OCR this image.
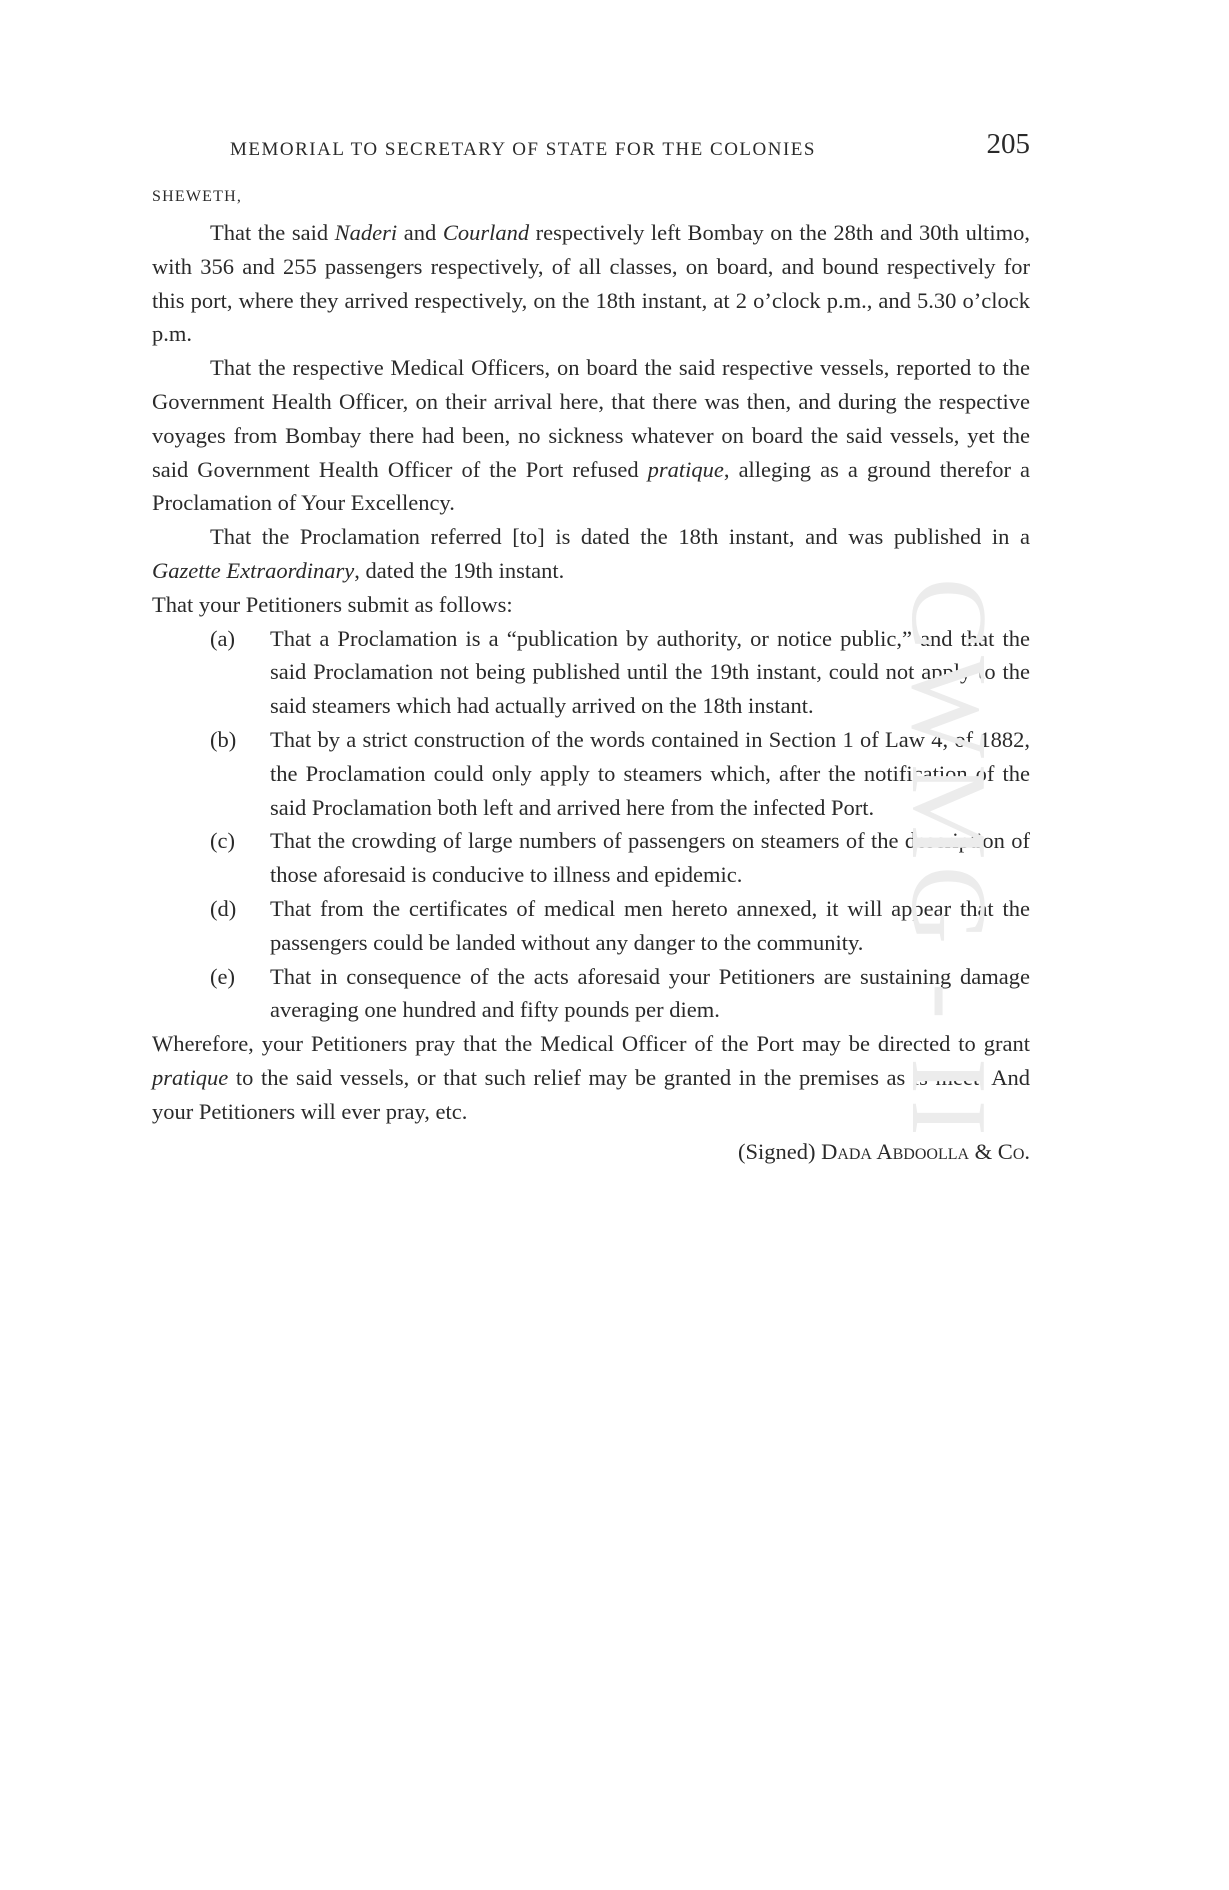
MEMORIAL TO SECRETARY OF STATE FOR THE COLONIES	205
SHEWETH,

That the said Naderi and Courland respectively left Bombay on the 28th and 30th ultimo, with 356 and 255 passengers respectively, of all classes, on board, and bound respectively for this port, where they arrived respectively, on the 18th instant, at 2 o’clock p.m., and 5.30 o’clock p.m.

That the respective Medical Officers, on board the said respective vessels, reported to the Government Health Officer, on their arrival here, that there was then, and during the respective voyages from Bombay there had been, no sickness whatever on board the said vessels, yet the said Government Health Officer of the Port refused pratique, alleging as a ground therefor a Proclamation of Your Excellency.

That the Proclamation referred [to] is dated the 18th instant, and was published in a Gazette Extraordinary, dated the 19th instant.

That your Petitioners submit as follows:

(a) That a Proclamation is a “publication by authority, or notice public,” and that the said Proclamation not being published until the 19th instant, could not apply to the said steamers which had actually arrived on the 18th instant.
(b) That by a strict construction of the words contained in Section 1 of Law 4, of 1882, the Proclamation could only apply to steamers which, after the notification of the said Proclamation both left and arrived here from the infected Port.
(c) That the crowding of large numbers of passengers on steamers of the description of those aforesaid is conducive to illness and epidemic.
(d) That from the certificates of medical men hereto annexed, it will appear that the passengers could be landed without any danger to the community.
(e) That in consequence of the acts aforesaid your Petitioners are sustaining damage averaging one hundred and fifty pounds per diem.

Wherefore, your Petitioners pray that the Medical Officer of the Port may be directed to grant pratique to the said vessels, or that such relief may be granted in the premises as is meet. And your Petitioners will ever pray, etc.

(Signed) Dada Abdoolla & Co.
CWMG - II
